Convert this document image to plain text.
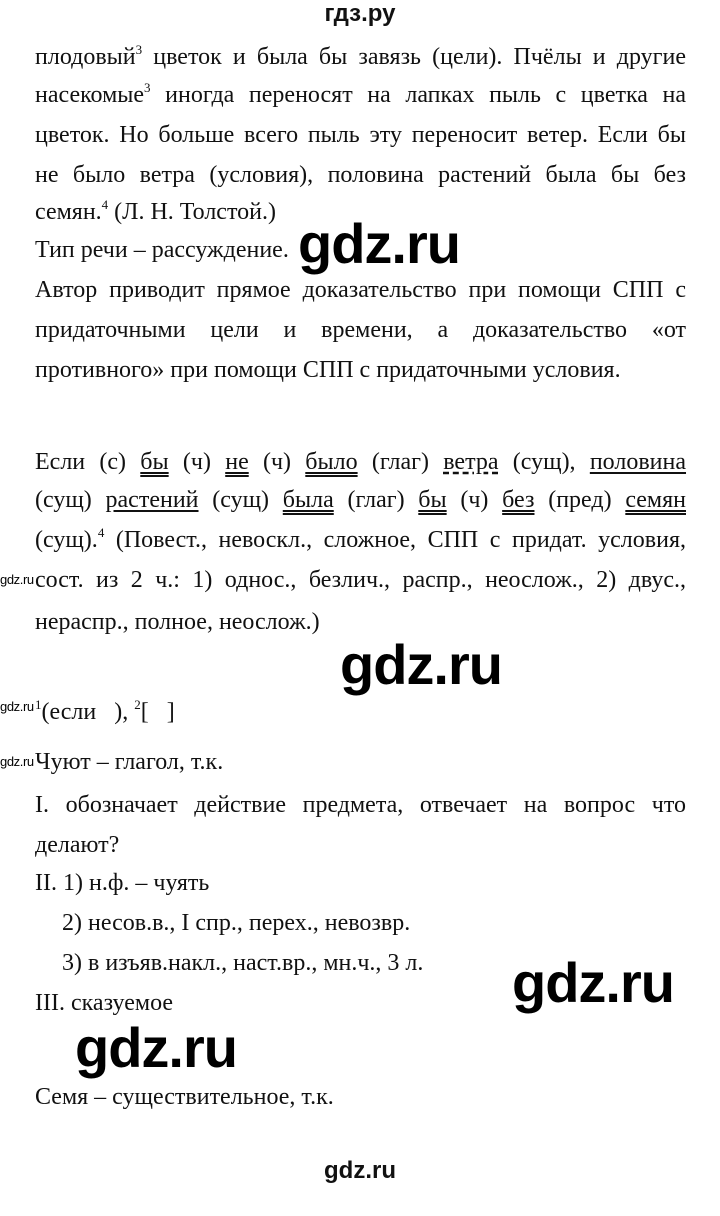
гдз.ру
плодовый$^3$ цветок и была бы завязь (цели). Пчёлы и другие
насекомые$^3$ иногда переносят на лапках пыль с цветка на
цветок. Но больше всего пыль эту переносит ветер. Если бы
не было ветра (условия), половина растений была бы без
семян.$^4$ (Л. Н. Толстой.)
Тип речи – рассуждение.
Автор приводит прямое доказательство при помощи СПП с
придаточными цели и времени, а доказательство «от
противного» при помощи СПП с придаточными условия.
Если (с) бы (ч) не (ч) было (глаг) ветра (сущ), половина
(сущ) растений (сущ) была (глаг) бы (ч) без (пред) семян
(сущ).$^4$ (Повест., невоскл., сложное, СПП с придат. условия,
сост. из 2 ч.: 1) однос., безлич., распр., неослож., 2) двус.,
нераспр., полное, неослож.)
$^1$(если   ), $^2$[   ]
Чуют – глагол, т.к.
I. обозначает действие предмета, отвечает на вопрос что
делают?
II. 1) н.ф. – чуять
2) несов.в., I спр., перех., невозвр.
3) в изъяв.накл., наст.вр., мн.ч., 3 л.
III. сказуемое
Семя – существительное, т.к.
gdz.ru
gdz.ru
gdz.ru
gdz.ru
gdz.ru
gdz.ru
gdz.ru
gdz.ru
